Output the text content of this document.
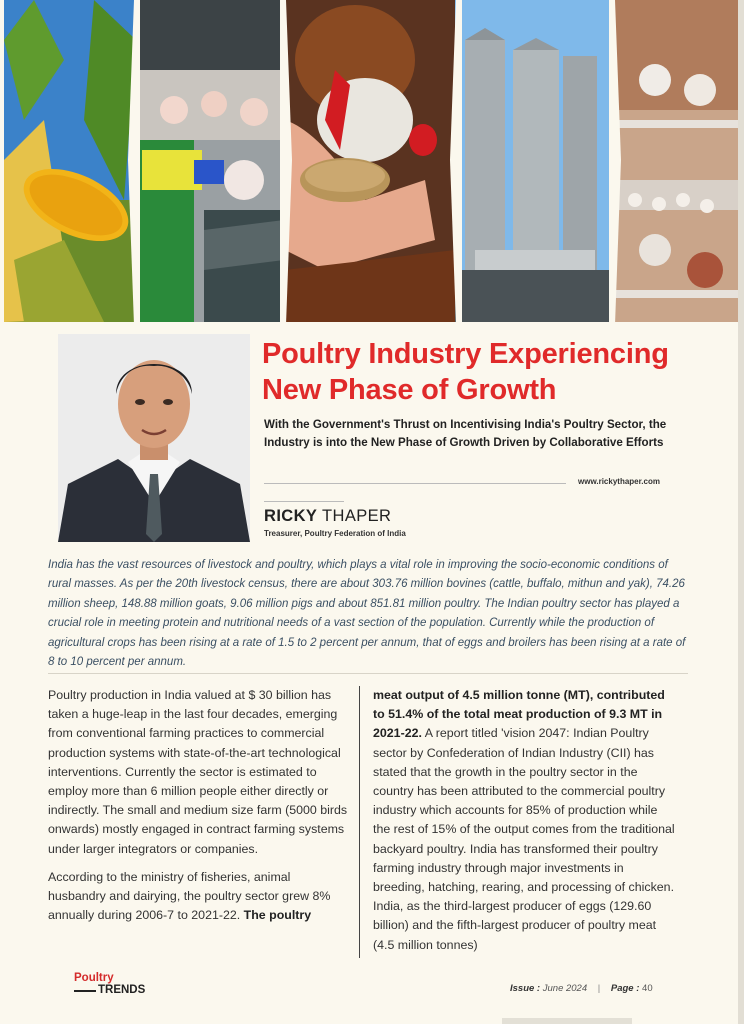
Poultry Industry Experiencing New Phase of Growth

With the Government's Thrust on Incentivising India's Poultry Sector, the Industry is into the New Phase of Growth Driven by Collaborative Efforts

www.rickythaper.com
RICKY THAPER
Treasurer, Poultry Federation of India

India has the vast resources of livestock and poultry, which plays a vital role in improving the socio-economic conditions of rural masses. As per the 20th livestock census, there are about 303.76 million bovines (cattle, buffalo, mithun and yak), 74.26 million sheep, 148.88 million goats, 9.06 million pigs and about 851.81 million poultry. The Indian poultry sector has played a crucial role in meeting protein and nutritional needs of a vast section of the population. Currently while the production of agricultural crops has been rising at a rate of 1.5 to 2 percent per annum, that of eggs and broilers has been rising at a rate of 8 to 10 percent per annum.

Poultry production in India valued at $ 30 billion has taken a huge-leap in the last four decades, emerging from conventional farming practices to commercial production systems with state-of-the-art technological interventions. Currently the sector is estimated to employ more than 6 million people either directly or indirectly. The small and medium size farm (5000 birds onwards) mostly engaged in contract farming systems under larger integrators or companies.

According to the ministry of fisheries, animal husbandry and dairying, the poultry sector grew 8% annually during 2006-7 to 2021-22. The poultry

meat output of 4.5 million tonne (MT), contributed to 51.4% of the total meat production of 9.3 MT in 2021-22. A report titled 'vision 2047: Indian Poultry sector by Confederation of Indian Industry (CII) has stated that the growth in the poultry sector in the country has been attributed to the commercial poultry industry which accounts for 85% of production while the rest of 15% of the output comes from the traditional backyard poultry. India has transformed their poultry farming industry through major investments in breeding, hatching, rearing, and processing of chicken. India, as the third-largest producer of eggs (129.60 billion) and the fifth-largest producer of poultry meat (4.5 million tonnes)

Poultry
TRENDS	Issue : June 2024 | Page : 40
